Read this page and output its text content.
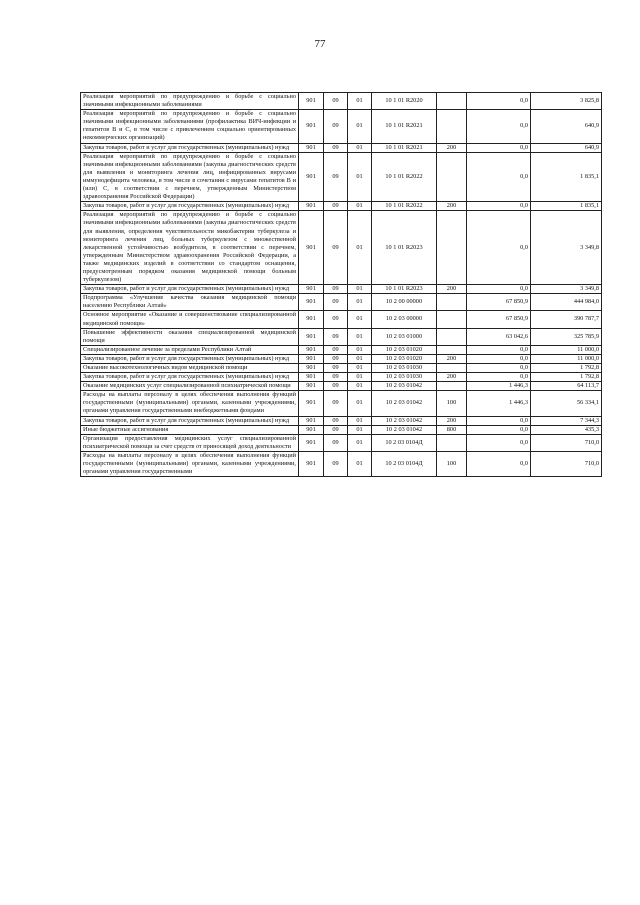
77
Реализация мероприятий по предупреждению и борьбе с социально значимыми инфекционными заболеваниями	901	09	01	10 1 01 R2020		0,0	3 825,8
Реализация мероприятий по предупреждению и борьбе с социально значимыми инфекционными заболеваниями (профилактика ВИЧ-инфекции и гепатитов В и С, в том числе с привлечением социально ориентированных некоммерческих организаций)	901	09	01	10 1 01 R2021		0,0	640,9
Закупка товаров, работ и услуг для государственных (муниципальных) нужд	901	09	01	10 1 01 R2021	200	0,0	640,9
Реализация мероприятий по предупреждению и борьбе с социально значимыми инфекционными заболеваниями (закупка диагностических средств для выявления и мониторинга лечения лиц, инфицированных вирусами иммунодефицита человека, в том числе в сочетании с вирусами гепатитов В и (или) С, в соответствии с перечнем, утвержденным Министерством здравоохранения Российской Федерации)	901	09	01	10 1 01 R2022		0,0	1 835,1
Закупка товаров, работ и услуг для государственных (муниципальных) нужд	901	09	01	10 1 01 R2022	200	0,0	1 835,1
Реализация мероприятий по предупреждению и борьбе с социально значимыми инфекционными заболеваниями (закупка диагностических средств для выявления, определения чувствительности микобактерии туберкулеза и мониторинга лечения лиц, больных туберкулезом с множественной лекарственной устойчивостью возбудителя, в соответствии с перечнем, утвержденным Министерством здравоохранения Российской Федерации, а также медицинских изделий в соответствии со стандартом оснащения, предусмотренным порядком оказания медицинской помощи больным туберкулезом)	901	09	01	10 1 01 R2023		0,0	3 349,8
Закупка товаров, работ и услуг для государственных (муниципальных) нужд	901	09	01	10 1 01 R2023	200	0,0	3 349,8
Подпрограмма «Улучшение качества оказания медицинской помощи населению Республики Алтай»	901	09	01	10 2 00 00000		67 850,9	444 984,0
Основное мероприятие «Оказание и совершенствование специализированной медицинской помощи»	901	09	01	10 2 03 00000		67 850,9	390 787,7
Повышение эффективности оказания специализированной медицинской помощи	901	09	01	10 2 03 01000		63 042,6	325 785,9
Специализированное лечение за пределами Республики Алтай	901	09	01	10 2 03 01020		0,0	11 000,0
Закупка товаров, работ и услуг для государственных (муниципальных) нужд	901	09	01	10 2 03 01020	200	0,0	11 000,0
Оказание высокотехнологичных видов медицинской помощи	901	09	01	10 2 03 01030		0,0	1 792,8
Закупка товаров, работ и услуг для государственных (муниципальных) нужд	901	09	01	10 2 03 01030	200	0,0	1 792,8
Оказание медицинских услуг специализированной психиатрической помощи	901	09	01	10 2 03 01042		1 446,3	64 113,7
Расходы на выплаты персоналу в целях обеспечения выполнения функций государственными (муниципальными) органами, казенными учреждениями, органами управления государственными внебюджетными фондами	901	09	01	10 2 03 01042	100	1 446,3	56 334,1
Закупка товаров, работ и услуг для государственных (муниципальных) нужд	901	09	01	10 2 03 01042	200	0,0	7 344,3
Иные бюджетные ассигнования	901	09	01	10 2 03 01042	800	0,0	435,3
Организация предоставления медицинских услуг специализированной психиатрической помощи за счет средств от приносящей доход деятельности	901	09	01	10 2 03 0104Д		0,0	710,0
Расходы на выплаты персоналу в целях обеспечения выполнения функций государственными (муниципальными) органами, казенными учреждениями, органами управления государственными	901	09	01	10 2 03 0104Д	100	0,0	710,0
